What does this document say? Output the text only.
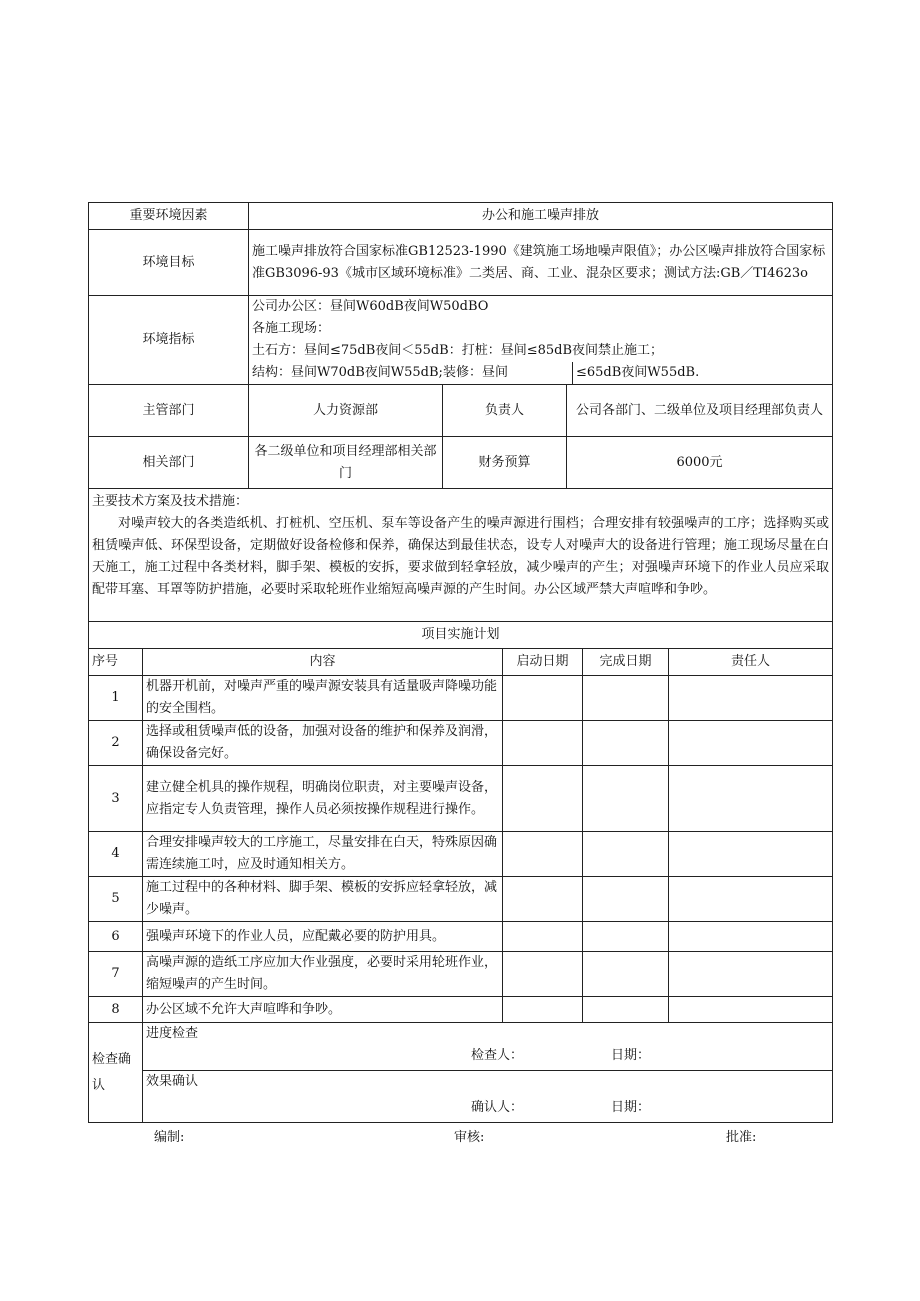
重要环境因素	办公和施工噪声排放		
环境目标	施工噪声排放符合国家标准GB12523-1990《建筑施工场地噪声限值》；办公区噪声排放符合国家标准GB3096-93《城市区域环境标准》二类居、商、工业、混杂区要求；测试方法:GB／TI4623ο		
环境指标	公司办公区：昼间W60dB夜间W50dBO
各施工现场：
土石方：昼间≤75dB夜间＜55dB：打桩：昼间≤85dB夜间禁止施工；
结构：昼间W70dB夜间W55dB;装修：昼间 ≤65dB夜间W55dB.		

主管部门	人力资源部	负责人	公司各部门、二级单位及项目经理部负责人
相关部门	各二级单位和项目经理部相关部门	财务预算	6000元

主要技术方案及技术措施：
对噪声较大的各类造纸机、打桩机、空压机、泵车等设备产生的噪声源进行围档；合理安排有较强噪声的工序；选择购买或租赁噪声低、环保型设备，定期做好设备检修和保养，确保达到最佳状态，设专人对噪声大的设备进行管理；施工现场尽量在白天施工，施工过程中各类材料，脚手架、模板的安拆，要求做到轻拿轻放，减少噪声的产生；对强噪声环境下的作业人员应采取配带耳塞、耳罩等防护措施，必要时采取轮班作业缩短高噪声源的产生时间。办公区域严禁大声喧哗和争吵。			
项目实施计划				
序号	内容	启动日期	完成日期	责任人
1	机器开机前，对噪声严重的噪声源安装具有适量吸声降噪功能的安全围档。			
2	选择或租赁噪声低的设备，加强对设备的维护和保养及润滑，确保设备完好。			
3	建立健全机具的操作规程，明确岗位职责，对主要噪声设备，应指定专人负责管理，操作人员必须按操作规程进行操作。			
4	合理安排噪声较大的工序施工，尽量安排在白天，特殊原因确需连续施工吋，应及时通知相关方。			
5	施工过程中的各种材料、脚手架、模板的安拆应轻拿轻放，减少噪声。			
6	强噪声环境下的作业人员，应配戴必要的防护用具。			
7	高噪声源的造纸工序应加大作业强度，必要时采用轮班作业，缩短噪声的产生时间。			
8	办公区域不允许大声喧哗和争吵。			
检查确认	进度检查
检查人： 日期：			

	效果确认
确认人： 日期：			
编制:	审核:	批准:
